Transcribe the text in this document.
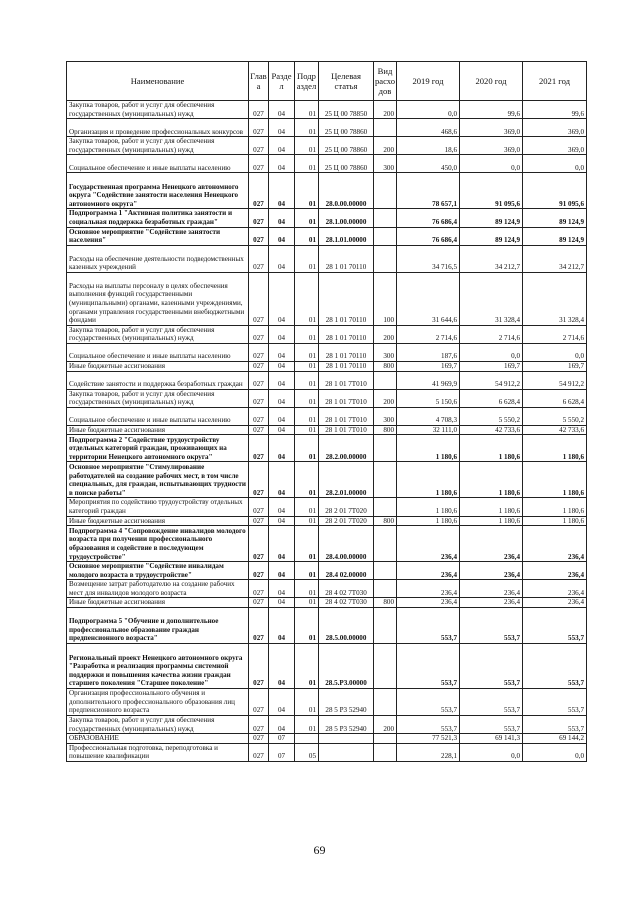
Наименование	Глав а	Разде л	Подр аздел	Целевая статья	Вид расхо дов	2019 год	2020 год	2021 год
Закупка товаров, работ и услуг для обеспечения государственных (муниципальных) нужд	027	04	01	25 Ц 00 78850	200	0,0	99,6	99,6
Организация и проведение профессиональных конкурсов	027	04	01	25 Ц 00 78860		468,6	369,0	369,0
Закупка товаров, работ и услуг для обеспечения государственных (муниципальных) нужд	027	04	01	25 Ц 00 78860	200	18,6	369,0	369,0
Социальное обеспечение и иные выплаты населению	027	04	01	25 Ц 00 78860	300	450,0	0,0	0,0
Государственная программа Ненецкого автономного округа "Содействие занятости населения Ненецкого автономного округа"	027	04	01	28.0.00.00000		78 657,1	91 095,6	91 095,6
Подпрограмма 1 "Активная политика занятости и социальная поддержка безработных граждан"	027	04	01	28.1.00.00000		76 686,4	89 124,9	89 124,9
Основное мероприятие "Содействие занятости населения"	027	04	01	28.1.01.00000		76 686,4	89 124,9	89 124,9
Расходы на обеспечение деятельности подведомственных казенных учреждений	027	04	01	28 1 01 70110		34 716,5	34 212,7	34 212,7
Расходы на выплаты персоналу в целях обеспечения выполнения функций государственными (муниципальными) органами, казенными учреждениями, органами управления государственными внебюджетными фондами	027	04	01	28 1 01 70110	100	31 644,6	31 328,4	31 328,4
Закупка товаров, работ и услуг для обеспечения государственных (муниципальных) нужд	027	04	01	28 1 01 70110	200	2 714,6	2 714,6	2 714,6
Социальное обеспечение и иные выплаты населению	027	04	01	28 1 01 70110	300	187,6	0,0	0,0
Иные бюджетные ассигнования	027	04	01	28 1 01 70110	800	169,7	169,7	169,7
Содействие занятости и поддержка безработных граждан	027	04	01	28 1 01 7Т010		41 969,9	54 912,2	54 912,2
Закупка товаров, работ и услуг для обеспечения государственных (муниципальных) нужд	027	04	01	28 1 01 7Т010	200	5 150,6	6 628,4	6 628,4
Социальное обеспечение и иные выплаты населению	027	04	01	28 1 01 7Т010	300	4 708,3	5 550,2	5 550,2
Иные бюджетные ассигнования	027	04	01	28 1 01 7Т010	800	32 111,0	42 733,6	42 733,6
Подпрограмма 2 "Содействие трудоустройству отдельных категорий граждан, проживающих на территории Ненецкого автономного округа"	027	04	01	28.2.00.00000		1 180,6	1 180,6	1 180,6
Основное мероприятие "Стимулирование работодателей на создание рабочих мест, в том числе специальных, для граждан, испытывающих трудности в поиске работы"	027	04	01	28.2.01.00000		1 180,6	1 180,6	1 180,6
Мероприятия по содействию трудоустройству отдельных категорий граждан	027	04	01	28 2 01 7Т020		1 180,6	1 180,6	1 180,6
Иные бюджетные ассигнования	027	04	01	28 2 01 7Т020	800	1 180,6	1 180,6	1 180,6
Подпрограмма 4 "Сопровождение инвалидов молодого возраста при получении профессионального образования и содействие в последующем трудоустройстве"	027	04	01	28.4.00.00000		236,4	236,4	236,4
Основное мероприятие "Содействие инвалидам молодого возраста в трудоустройстве"	027	04	01	28.4 02.00000		236,4	236,4	236,4
Возмещение затрат работодателю на создание рабочих мест для инвалидов молодого возраста	027	04	01	28 4 02 7Т030		236,4	236,4	236,4
Иные бюджетные ассигнования	027	04	01	28 4 02 7Т030	800	236,4	236,4	236,4
Подпрограмма 5 "Обучение и дополнительное профессиональное образование граждан предпенсионного возраста"	027	04	01	28.5.00.00000		553,7	553,7	553,7
Региональный проект Ненецкого автономного округа "Разработка и реализация программы системной поддержки и повышения качества жизни граждан старшего поколения "Старшее поколение"	027	04	01	28.5.Р3.00000		553,7	553,7	553,7
Организация профессионального обучения и дополнительного профессионального образования лиц предпенсионного возраста	027	04	01	28 5 Р3 52940		553,7	553,7	553,7
Закупка товаров, работ и услуг для обеспечения государственных (муниципальных) нужд	027	04	01	28 5 Р3 52940	200	553,7	553,7	553,7
ОБРАЗОВАНИЕ	027	07				77 521,3	69 141,3	69 144,2
Профессиональная подготовка, переподготовка и повышение квалификации	027	07	05			228,1	0,0	0,0
69
